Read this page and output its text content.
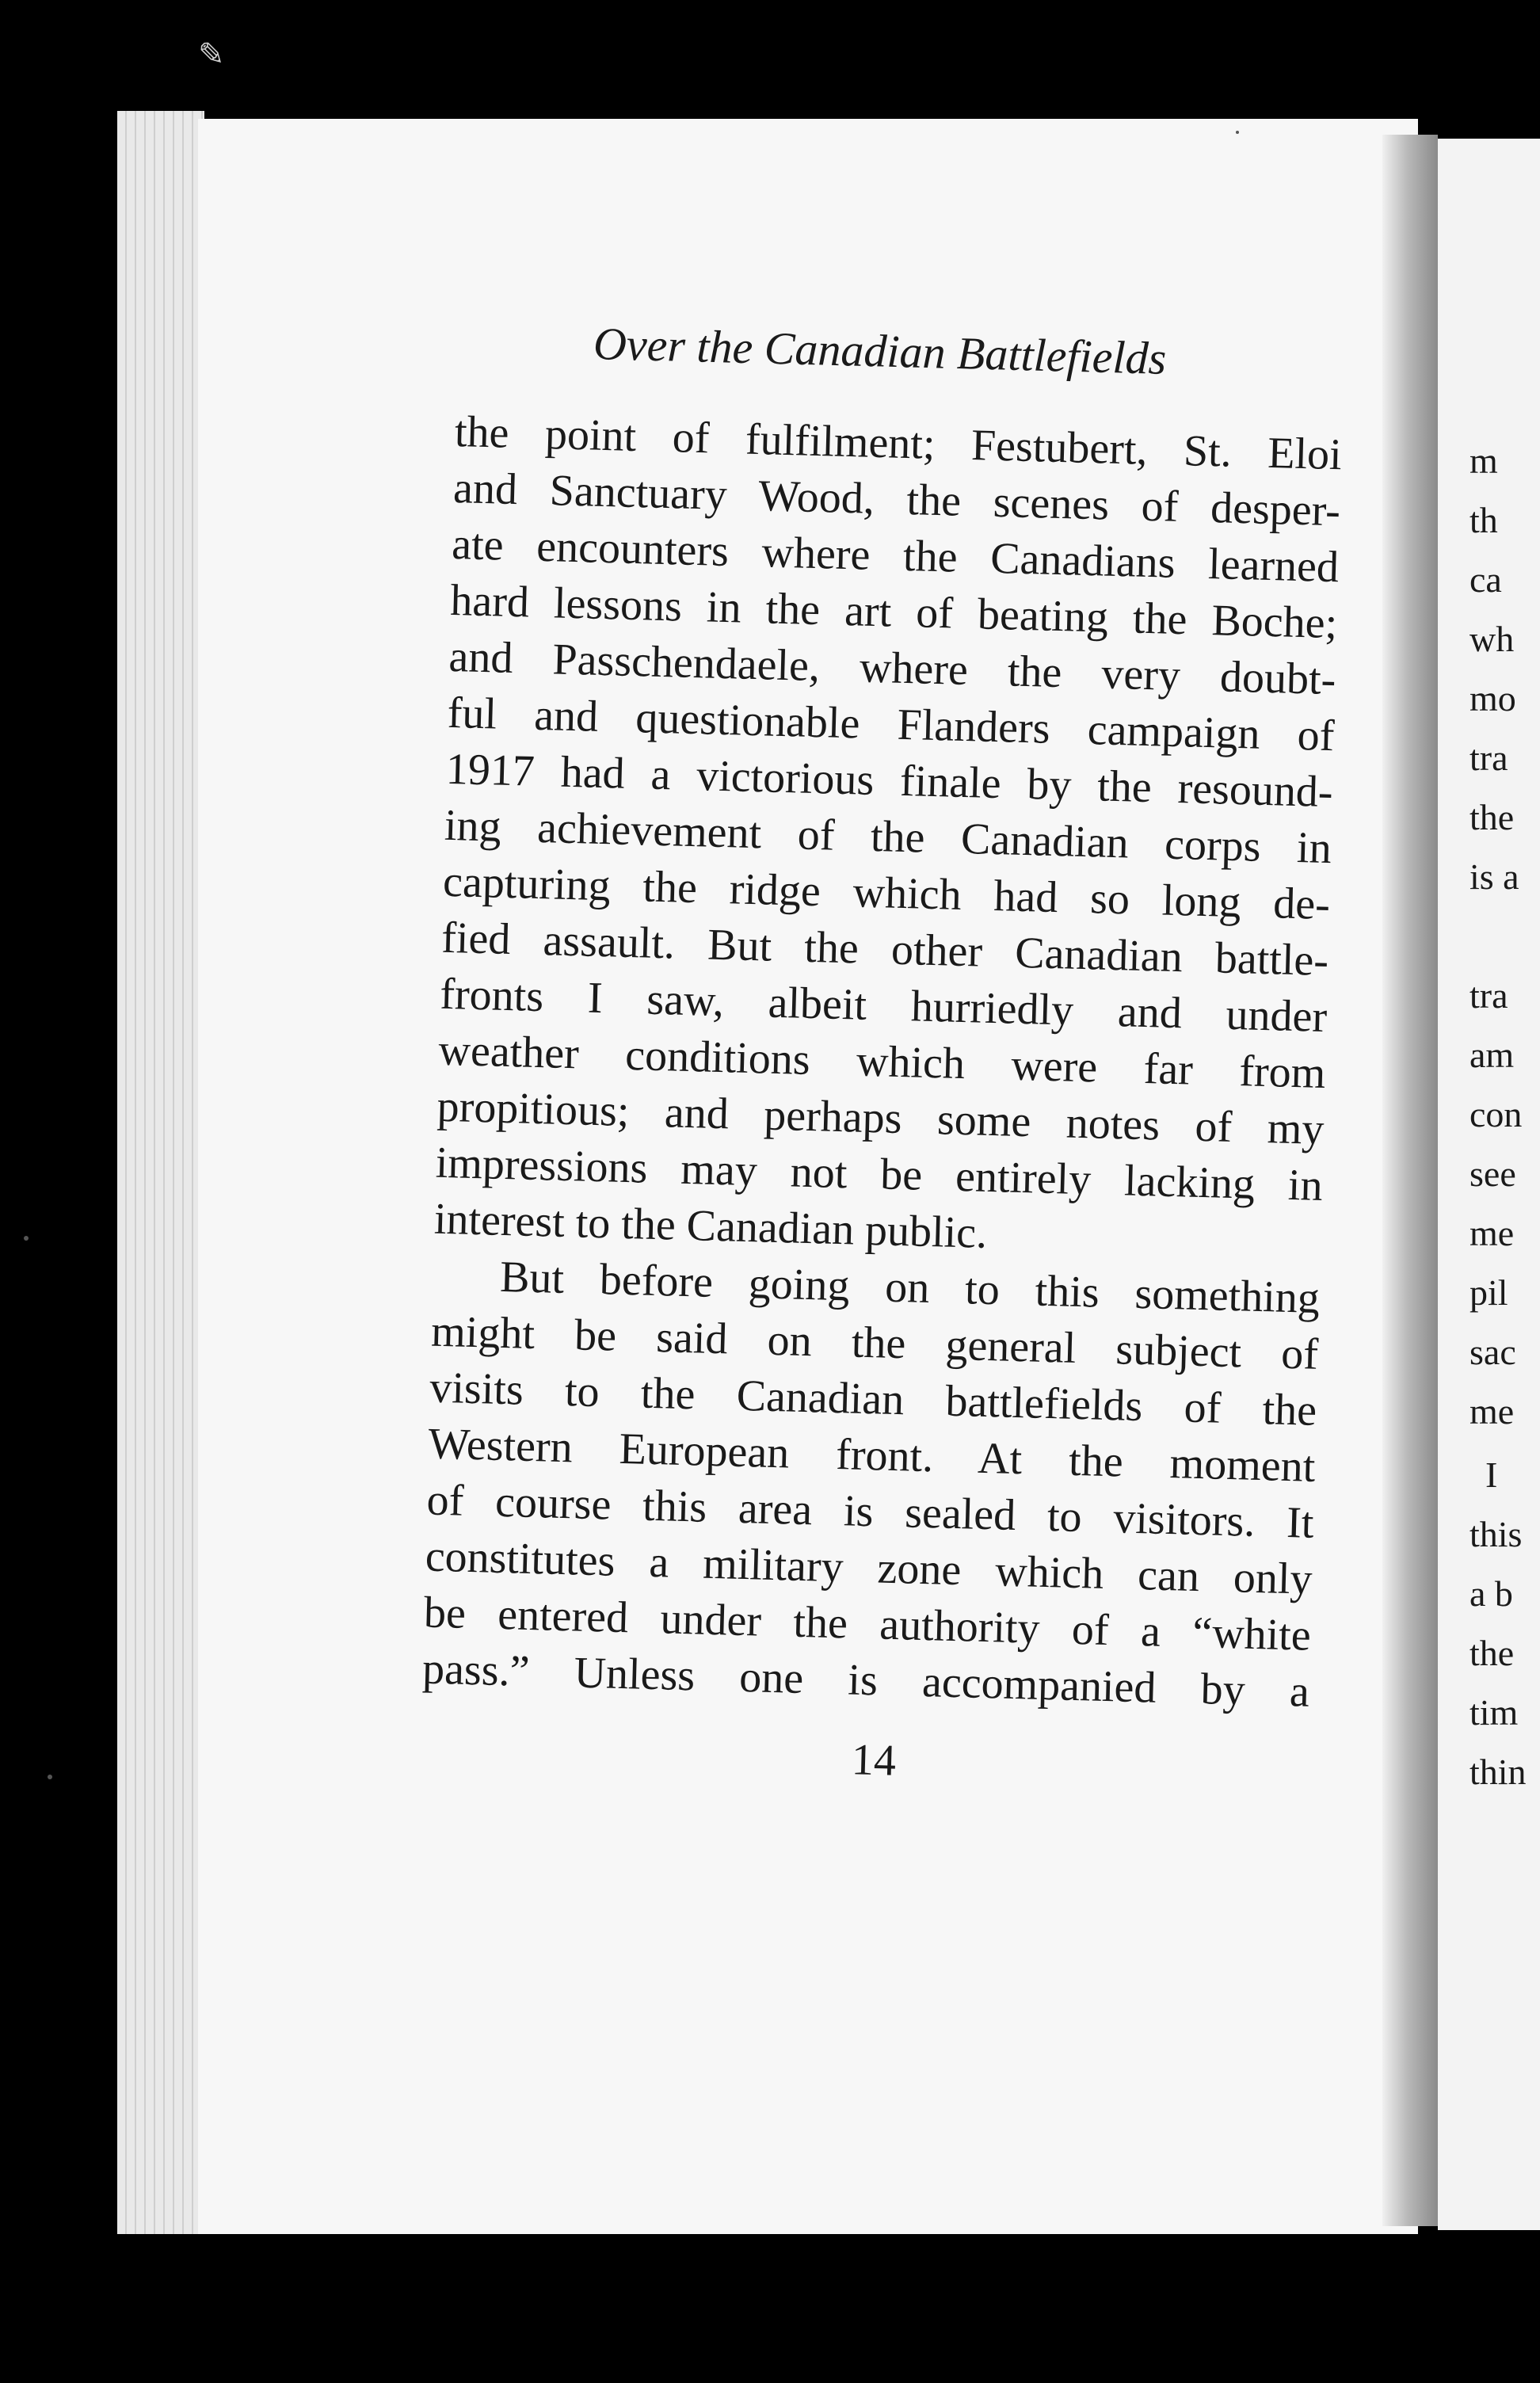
✎
Over the Canadian Battlefields
the point of fulfilment; Festubert, St. Eloi
and Sanctuary Wood, the scenes of desper-
ate encounters where the Canadians learned
hard lessons in the art of beating the Boche;
and Passchendaele, where the very doubt-
ful and questionable Flanders campaign of
1917 had a victorious finale by the resound-
ing achievement of the Canadian corps in
capturing the ridge which had so long de-
fied assault. But the other Canadian battle-
fronts I saw, albeit hurriedly and under
weather conditions which were far from
propitious; and perhaps some notes of my
impressions may not be entirely lacking in
interest to the Canadian public.
But before going on to this something
might be said on the general subject of
visits to the Canadian battlefields of the
Western European front. At the moment
of course this area is sealed to visitors. It
constitutes a military zone which can only
be entered under the authority of a “white
pass.” Unless one is accompanied by a
14
m
th
ca
wh
mo
tra
the
is a
tra
am
con
see
me
pil
sac
me
I
this
a b
the
tim
thin
